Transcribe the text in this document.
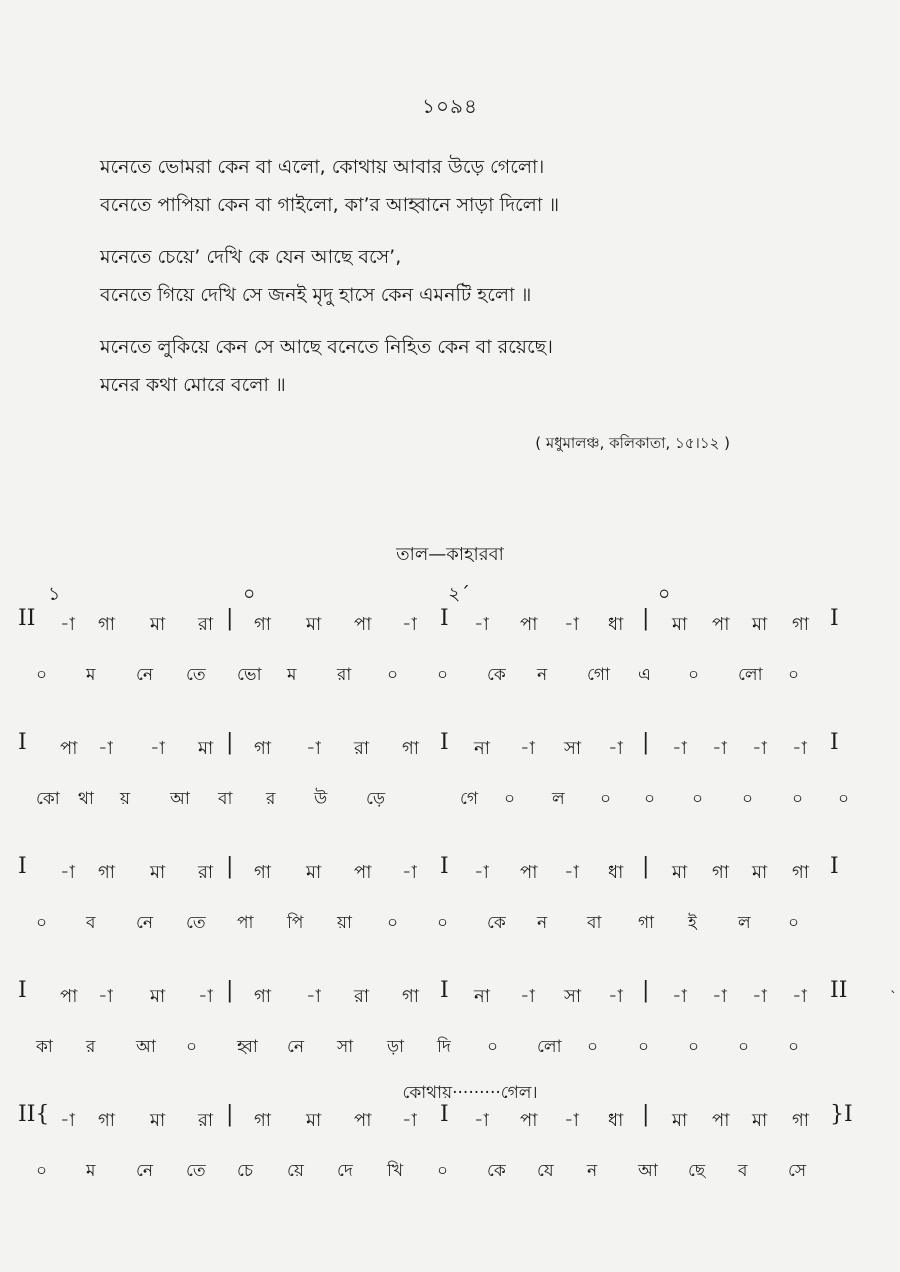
১০৯৪
মনেতে ভোমরা কেন বা এলো, কোথায় আবার উড়ে গেলো।
বনেতে পাপিয়া কেন বা গাইলো, কা’র আহ্বানে সাড়া দিলো ॥
মনেতে চেয়ে’ দেখি কে যেন আছে বসে’,
বনেতে গিয়ে দেখি সে জনই মৃদু হাসে কেন এমনটি হলো ॥
মনেতে লুকিয়ে কেন সে আছে বনেতে নিহিত কেন বা রয়েছে।
মনের কথা মোরে বলো ॥
( মধুমালঞ্চ, কলিকাতা, ১৫।১২ )
তাল—কাহারবা
১	০	২´	০
II -া গা মা রা | গা মা পা -া I -া পা -া ধা | মা পা মা গা I
০ ম নে তে ভো ম রা ০ ০ কে ন গো এ ০ লো ০
I পা -া -া মা | গা -া রা গা I না -া সা -া | -া -া -া -া I
কো থা য় আ বা র উ ড়ে	গে ০ ল ০ ০ ০ ০ ০ ০
I -া গা মা রা | গা মা পা -া I -া পা -া ধা | মা গা মা গা I
০ ব নে তে পা পি য়া ০ ০ কে ন বা গা ই ল ০
I পা -া মা -া | গা -া রা গা I না -া সা -া | -া -া -া -া II
কা র আ ০ হ্বা নে সা ড়া দি ০ লো ০ ০ ০ ০ ০
II{ -া গা মা রা | গা মা পা -া I -া পা -া ধা | মা পা মা গা }I
০ ম নে তে চে য়ে দে খি ০ কে যে ন আ ছে ব সে
কোথায়·········গেল।
`
